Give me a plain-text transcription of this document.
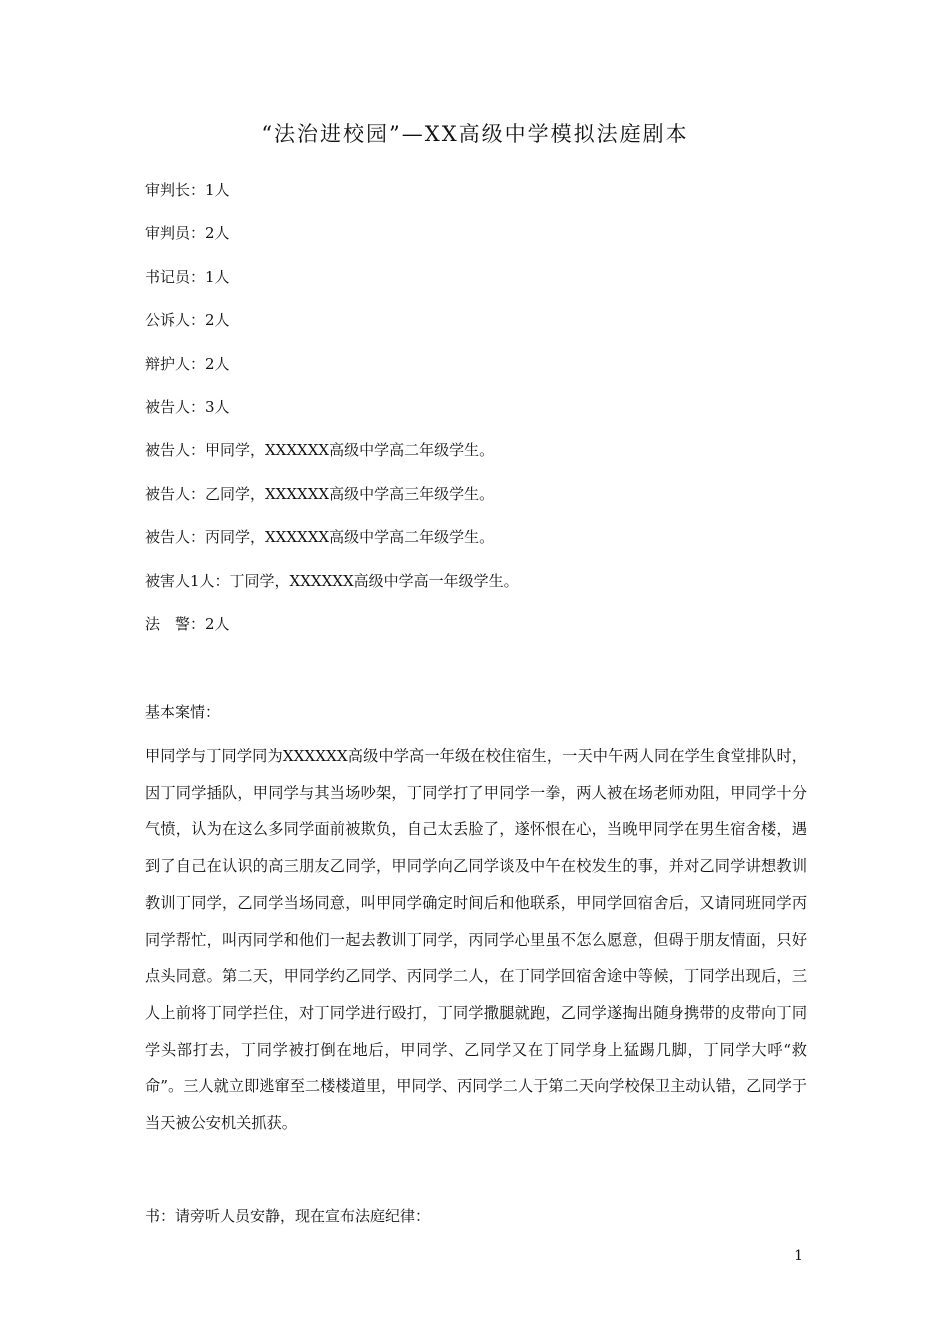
“法治进校园”—XX高级中学模拟法庭剧本
审判长：1人
审判员：2人
书记员：1人
公诉人：2人
辩护人：2人
被告人：3人
被告人：甲同学，XXXXXX高级中学高二年级学生。
被告人：乙同学，XXXXXX高级中学高三年级学生。
被告人：丙同学，XXXXXX高级中学高二年级学生。
被害人1人：丁同学，XXXXXX高级中学高一年级学生。
法　警：2人
基本案情：

甲同学与丁同学同为XXXXXX高级中学高一年级在校住宿生，一天中午两人同在学生食堂排队时，因丁同学插队，甲同学与其当场吵架，丁同学打了甲同学一拳，两人被在场老师劝阻，甲同学十分气愤，认为在这么多同学面前被欺负，自己太丢脸了，遂怀恨在心，当晚甲同学在男生宿舍楼，遇到了自己在认识的高三朋友乙同学，甲同学向乙同学谈及中午在校发生的事，并对乙同学讲想教训教训丁同学，乙同学当场同意，叫甲同学确定时间后和他联系，甲同学回宿舍后，又请同班同学丙同学帮忙，叫丙同学和他们一起去教训丁同学，丙同学心里虽不怎么愿意，但碍于朋友情面，只好点头同意。第二天，甲同学约乙同学、丙同学二人，在丁同学回宿舍途中等候，丁同学出现后，三人上前将丁同学拦住，对丁同学进行殴打，丁同学撒腿就跑，乙同学遂掏出随身携带的皮带向丁同学头部打去，丁同学被打倒在地后，甲同学、乙同学又在丁同学身上猛踢几脚，丁同学大呼“救命”。三人就立即逃窜至二楼楼道里，甲同学、丙同学二人于第二天向学校保卫主动认错，乙同学于当天被公安机关抓获。

书：请旁听人员安静，现在宣布法庭纪律：
1
